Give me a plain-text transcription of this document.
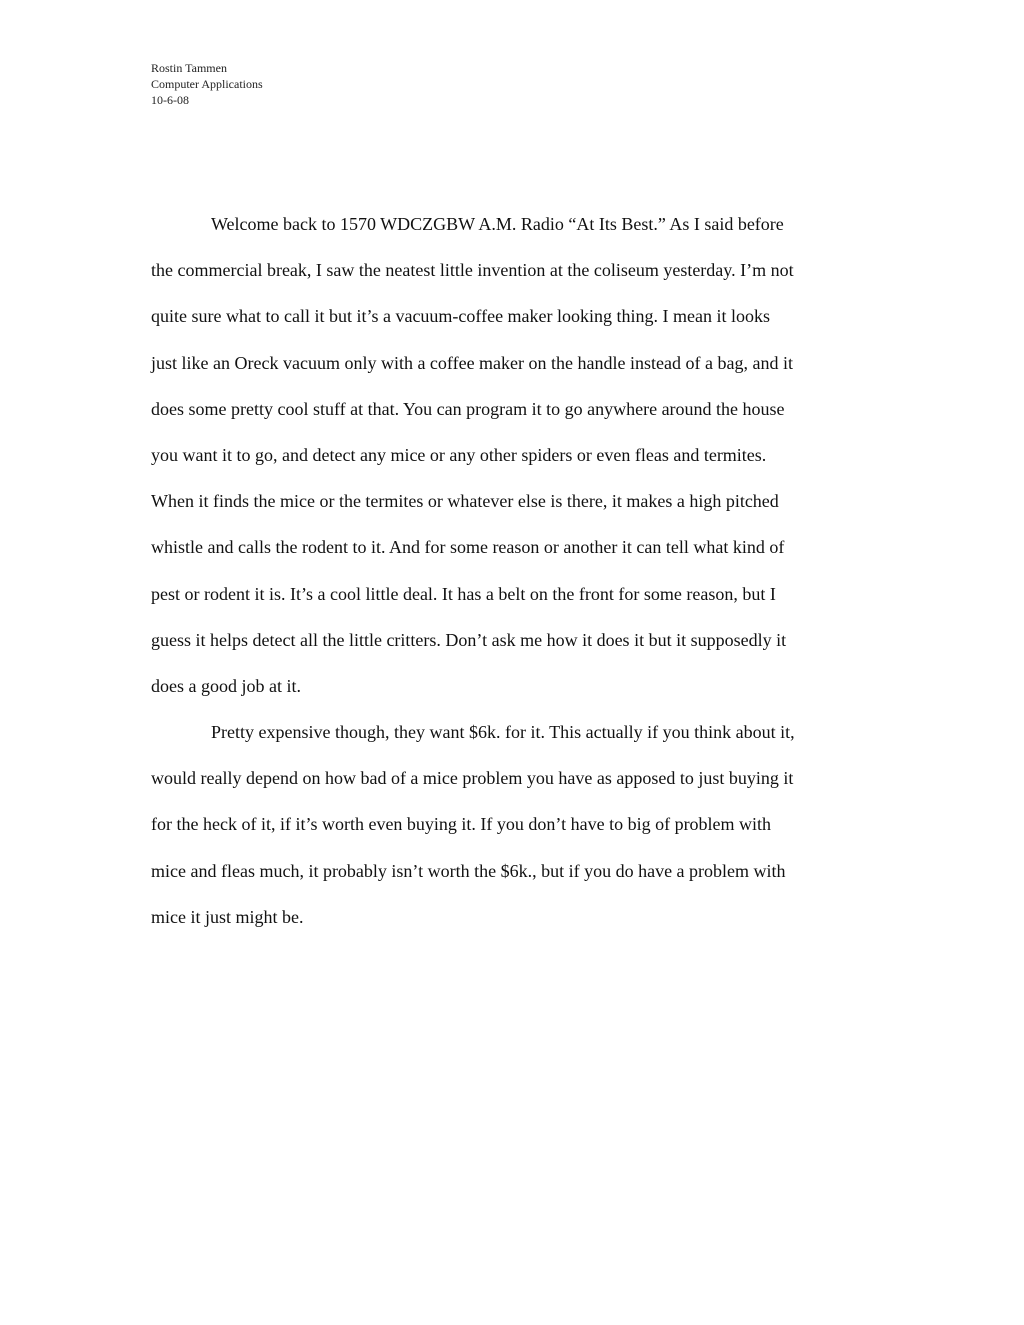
Rostin Tammen
Computer Applications
10-6-08
Welcome back to 1570 WDCZGBW A.M. Radio “At Its Best.” As I said before
the commercial break, I saw the neatest little invention at the coliseum yesterday. I’m not
quite sure what to call it but it’s a vacuum-coffee maker looking thing. I mean it looks
just like an Oreck vacuum only with a coffee maker on the handle instead of a bag, and it
does some pretty cool stuff at that. You can program it to go anywhere around the house
you want it to go, and detect any mice or any other spiders or even fleas and termites.
When it finds the mice or the termites or whatever else is there, it makes a high pitched
whistle and calls the rodent to it. And for some reason or another it can tell what kind of
pest or rodent it is. It’s a cool little deal. It has a belt on the front for some reason, but I
guess it helps detect all the little critters. Don’t ask me how it does it but it supposedly it
does a good job at it.
Pretty expensive though, they want $6k. for it. This actually if you think about it,
would really depend on how bad of a mice problem you have as apposed to just buying it
for the heck of it, if it’s worth even buying it. If you don’t have to big of problem with
mice and fleas much, it probably isn’t worth the $6k., but if you do have a problem with
mice it just might be.
